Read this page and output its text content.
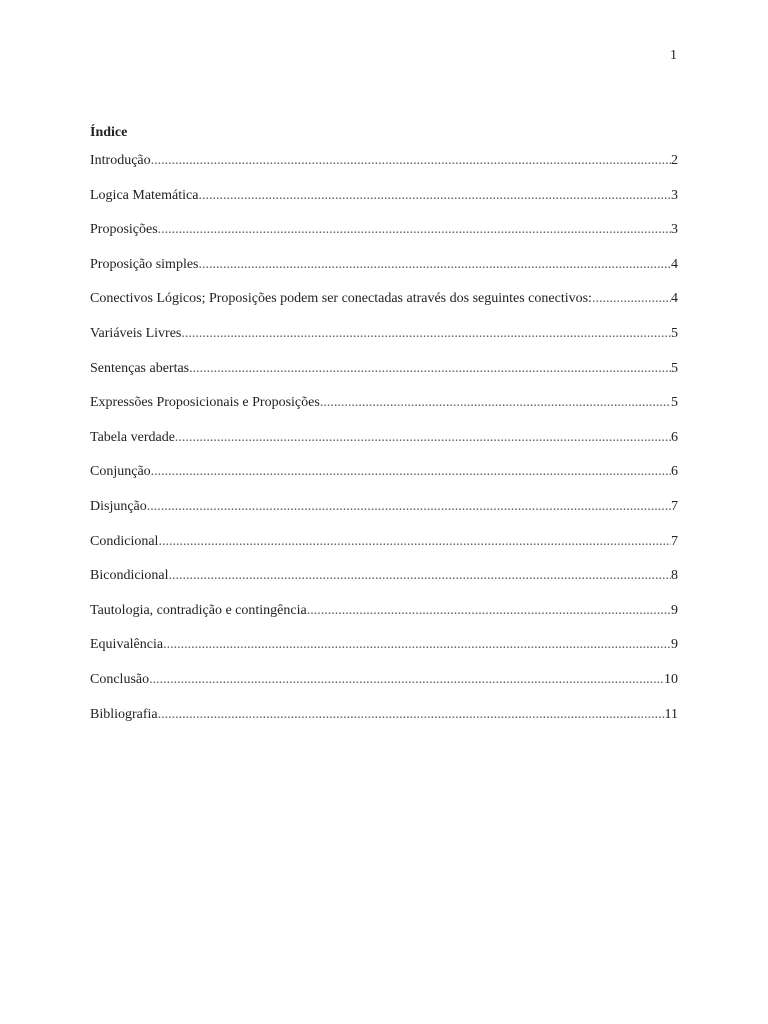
1
Índice
Introdução .....	2
Logica Matemática .....	3
Proposições .....	3
Proposição simples .....	4
Conectivos Lógicos; Proposições podem ser conectadas através dos seguintes conectivos: .....	4
Variáveis Livres .....	5
Sentenças abertas .....	5
Expressões Proposicionais e Proposições .....	5
Tabela verdade .....	6
Conjunção .....	6
Disjunção .....	7
Condicional .....	7
Bicondicional .....	8
Tautologia, contradição e contingência .....	9
Equivalência .....	9
Conclusão .....	10
Bibliografia .....	11
